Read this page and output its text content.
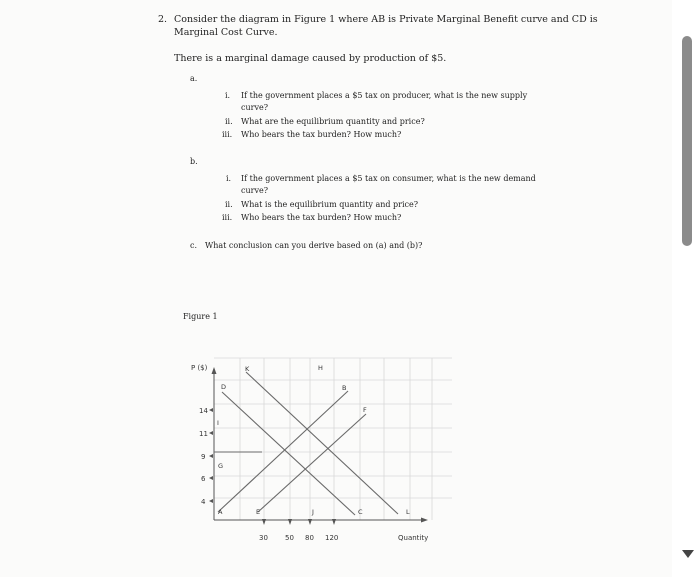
2. Consider the diagram in Figure 1 where AB is Private Marginal Benefit curve and CD is
Marginal Cost Curve.
There is a marginal damage caused by production of $5.
a.
i. If the government places a $5 tax on producer, what is the new supply
curve?
ii. What are the equilibrium quantity and price?
iii. Who bears the tax burden? How much?
b.
i. If the government places a $5 tax on consumer, what is the new demand
curve?
ii. What is the equilibrium quantity and price?
iii. Who bears the tax burden? How much?
c. What conclusion can you derive based on (a) and (b)?
Figure 1
P ($)
Quantity
14
11
9
6
4
30 50 80 120
D
K	H
B
F
I
G
A	E	J	C	L
